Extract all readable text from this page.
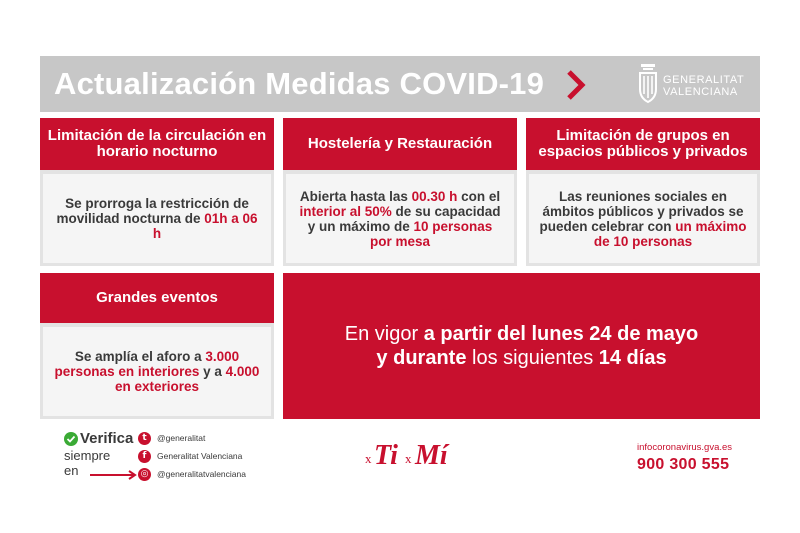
Actualización Medidas COVID-19	GENERALITAT
VALENCIANA
Limitación de la circulación en horario nocturno
Se prorroga la restricción de movilidad nocturna de 01h a 06 h
Hostelería y Restauración
Abierta hasta las 00.30 h con el interior al 50% de su capacidad y un máximo de 10 personas por mesa
Limitación de grupos en espacios públicos y privados
Las reuniones sociales en ámbitos públicos y privados se pueden celebrar con un máximo de 10 personas
Grandes eventos
Se amplía el aforo a 3.000 personas en interiores y a 4.000 en exteriores
En vigor a partir del lunes 24 de mayo
y durante los siguientes 14 días
Verifica
siempre
en
t	@generalitat
f	Generalitat Valenciana
◎	@generalitatvalenciana
x Ti x Mí	infocoronavirus.gva.es
900 300 555
